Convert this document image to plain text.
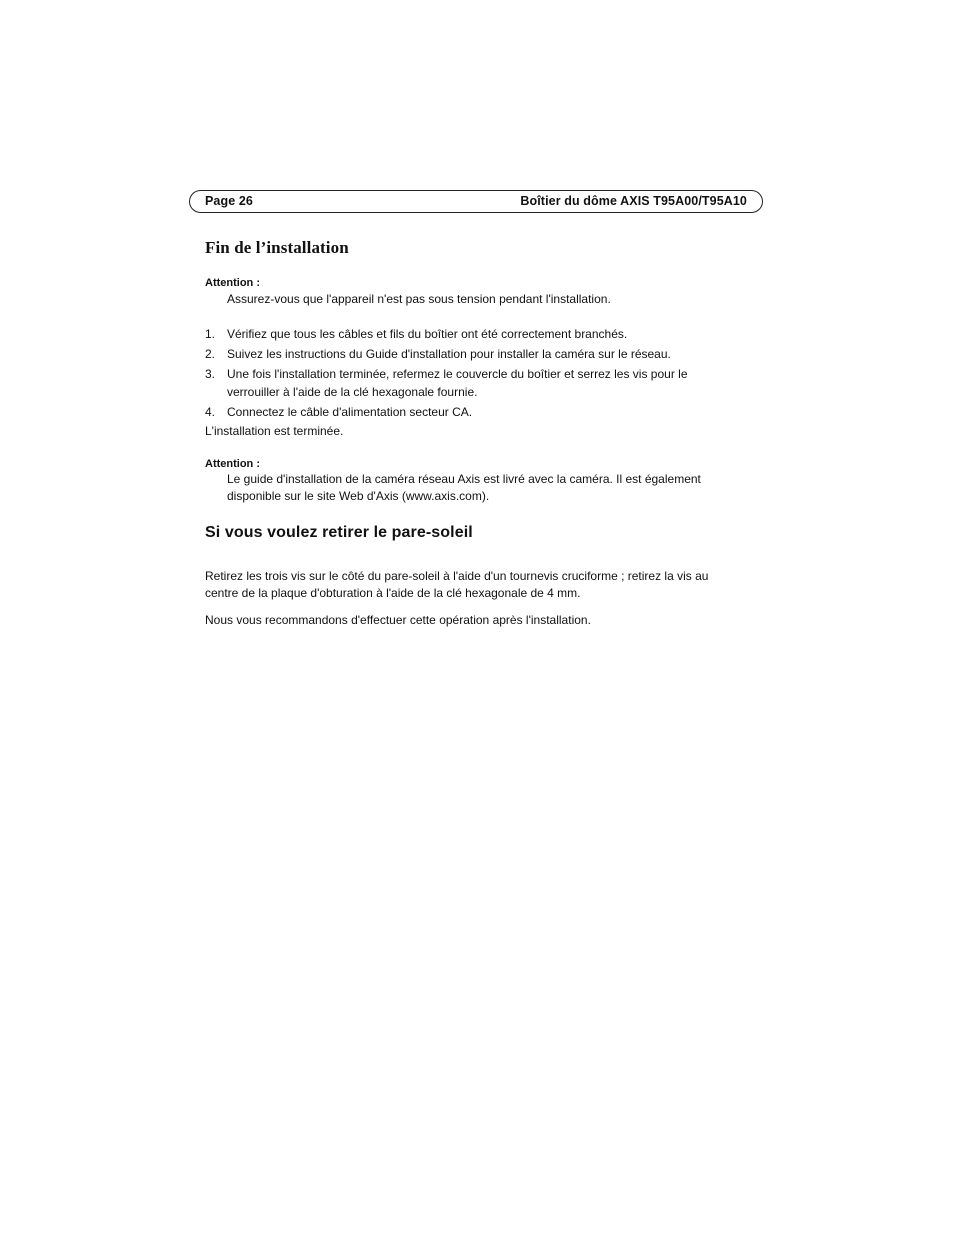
Page 26	Boîtier du dôme AXIS T95A00/T95A10
Fin de l’installation
Attention :
Assurez-vous que l'appareil n'est pas sous tension pendant l'installation.
1. Vérifiez que tous les câbles et fils du boîtier ont été correctement branchés.
2. Suivez les instructions du Guide d'installation pour installer la caméra sur le réseau.
3. Une fois l'installation terminée, refermez le couvercle du boîtier et serrez les vis pour le verrouiller à l'aide de la clé hexagonale fournie.
4. Connectez le câble d'alimentation secteur CA.
L'installation est terminée.
Attention :
Le guide d'installation de la caméra réseau Axis est livré avec la caméra. Il est également disponible sur le site Web d'Axis (www.axis.com).
Si vous voulez retirer le pare-soleil
Retirez les trois vis sur le côté du pare-soleil à l'aide d'un tournevis cruciforme ; retirez la vis au centre de la plaque d'obturation à l'aide de la clé hexagonale de 4 mm.
Nous vous recommandons d'effectuer cette opération après l'installation.
